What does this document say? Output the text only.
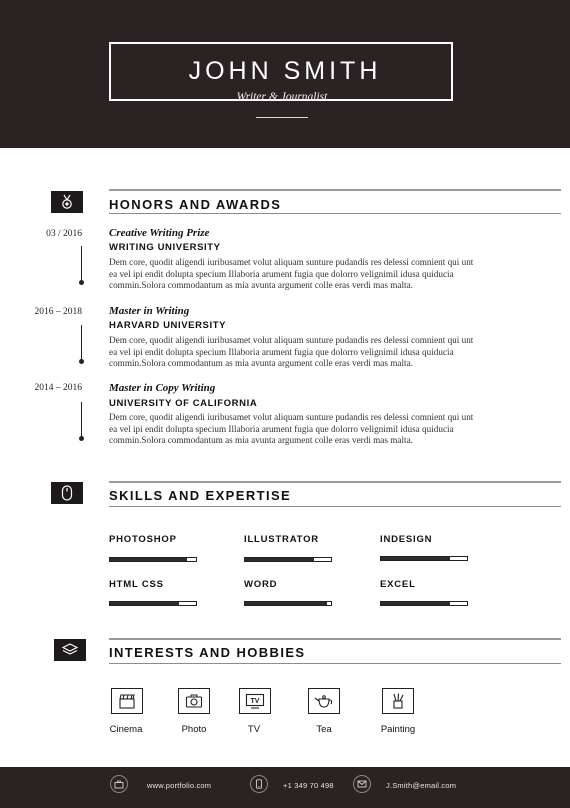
JOHN SMITH
Writer & Journalist
HONORS AND AWARDS
03 / 2016 Creative Writing Prize
WRITING UNIVERSITY
Dem core, quodit aligendi iuribusamet volut aliquam sunture pudandis res delessi comnient qui unt
ea vel ipi endit dolupta specium Illaboria arument fugia que dolorro velignimil idusa quiducia
commin.Solora commodantum as mia avunta argument colle eras verdi mas malta.
2016 – 2018 Master in Writing
HARVARD UNIVERSITY
Dem core, quodit aligendi iuribusamet volut aliquam sunture pudandis res delessi comnient qui unt
ea vel ipi endit dolupta specium Illaboria arument fugia que dolorro velignimil idusa quiducia
commin.Solora commodantum as mia avunta argument colle eras verdi mas malta.
2014 – 2016 Master in Copy Writing
UNIVERSITY OF CALIFORNIA
Dem core, quodit aligendi iuribusamet volut aliquam sunture pudandis res delessi comnient qui unt
ea vel ipi endit dolupta specium Illaboria arument fugia que dolorro velignimil idusa quiducia
commin.Solora commodantum as mia avunta argument colle eras verdi mas malta.
SKILLS AND EXPERTISE
PHOTOSHOP	ILLUSTRATOR	INDESIGN
HTML CSS	WORD	EXCEL
INTERESTS AND HOBBIES
Cinema	Photo
TV
TV	Tea	Painting
www.portfolio.com	+1 349 70 498	J.Smith@email.com
